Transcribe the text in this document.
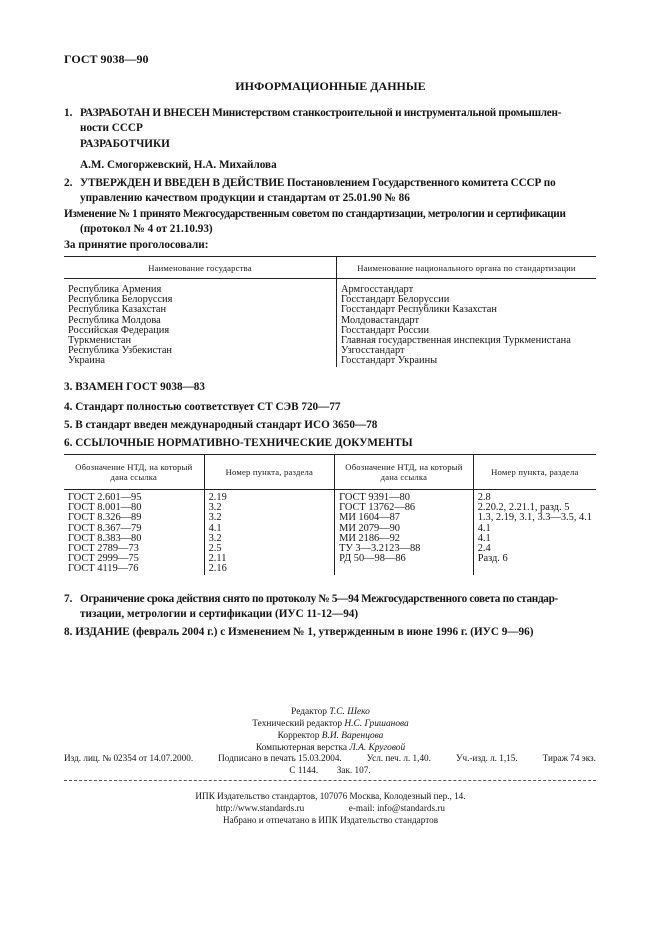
ГОСТ 9038—90
ИНФОРМАЦИОННЫЕ ДАННЫЕ
1. РАЗРАБОТАН И ВНЕСЕН Министерством станкостроительной и инструментальной промышлен-
ности СССР
РАЗРАБОТЧИКИ
А.М. Смогоржевский, Н.А. Михайлова
2. УТВЕРЖДЕН И ВВЕДЕН В ДЕЙСТВИЕ Постановлением Государственного комитета СССР по
управлению качеством продукции и стандартам от 25.01.90 № 86
Изменение № 1 принято Межгосударственным советом по стандартизации, метрологии и сертификации
(протокол № 4 от 21.10.93)
За принятие проголосовали:
Наименование государства	Наименование национального органа по стандартизации

Республика Армения	Армгосстандарт
Республика Белоруссия	Госстандарт Белоруссии
Республика Казахстан	Госстандарт Республики Казахстан
Республика Молдова	Молдовастандарт
Российская Федерация	Госстандарт России
Туркменистан	Главная государственная инспекция Туркменистана
Республика Узбекистан	Узгосстандарт
Украина	Госстандарт Украины
3. ВЗАМЕН ГОСТ 9038—83
4. Стандарт полностью соответствует СТ СЭВ 720—77
5. В стандарт введен международный стандарт ИСО 3650—78
6. ССЫЛОЧНЫЕ НОРМАТИВНО-ТЕХНИЧЕСКИЕ ДОКУМЕНТЫ
Обозначение НТД, на который дана ссылка	Номер пункта, раздела	Обозначение НТД, на который дана ссылка	Номер пункта, раздела

ГОСТ 2.601—95	2.19	ГОСТ 9391—80	2.8
ГОСТ 8.001—80	3.2	ГОСТ 13762—86	2.20.2, 2.21.1, разд. 5
ГОСТ 8.326—89	3.2	МИ 1604—87	1.3, 2.19, 3.1, 3.3—3.5, 4.1
ГОСТ 8.367—79	4.1	МИ 2079—90	4.1
ГОСТ 8.383—80	3.2	МИ 2186—92	4.1
ГОСТ 2789—73	2.5	ТУ 3—3.2123—88	2.4
ГОСТ 2999—75	2.11	РД 50—98—86	Разд. 6
ГОСТ 4119—76	2.16		
7. Ограничение срока действия снято по протоколу № 5—94 Межгосударственного совета по стандар-
тизации, метрологии и сертификации (ИУС 11-12—94)
8. ИЗДАНИЕ (февраль 2004 г.) с Изменением № 1, утвержденным в июне 1996 г. (ИУС 9—96)
Редактор Т.С. Шеко
Технический редактор Н.С. Гришанова
Корректор В.И. Варенцова
Компьютерная верстка Л.А. Круговой
Изд. лиц. № 02354 от 14.07.2000.	Подписано в печать 15.03.2004.	Усл. печ. л. 1,40.	Уч.-изд. л. 1,15.	Тираж 74 экз.
С 1144. Зак. 107.
ИПК Издательство стандартов, 107076 Москва, Колодезный пер., 14.
http://www.standards.ru	e-mail: info@standards.ru
Набрано и отпечатано в ИПК Издательство стандартов
